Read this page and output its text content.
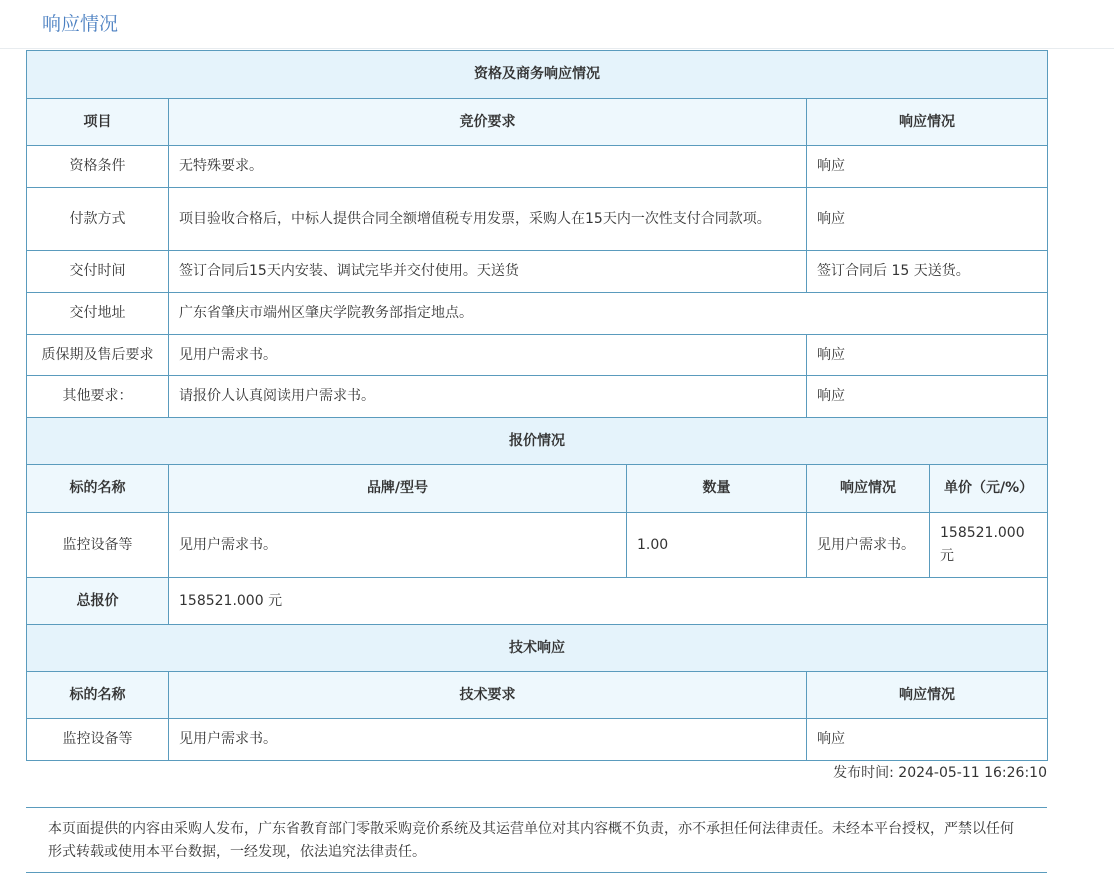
响应情况
资格及商务响应情况				
项目	竞价要求		响应情况	
资格条件	无特殊要求。		响应	
付款方式	项目验收合格后，中标人提供合同全额增值税专用发票，采购人在15天内一次性支付合同款项。		响应	
交付时间	签订合同后15天内安装、调试完毕并交付使用。天送货		签订合同后 15 天送货。	
交付地址	广东省肇庆市端州区肇庆学院教务部指定地点。			
质保期及售后要求	见用户需求书。		响应	
其他要求：	请报价人认真阅读用户需求书。		响应	
报价情况				
标的名称	品牌/型号	数量	响应情况	单价（元/%）
监控设备等	见用户需求书。	1.00	见用户需求书。	158521.000元
总报价	158521.000 元			
技术响应				
标的名称	技术要求		响应情况	
监控设备等	见用户需求书。		响应	
发布时间: 2024-05-11 16:26:10
本页面提供的内容由采购人发布，广东省教育部门零散采购竞价系统及其运营单位对其内容概不负责，亦不承担任何法律责任。未经本平台授权，严禁以任何形式转载或使用本平台数据，一经发现，依法追究法律责任。
